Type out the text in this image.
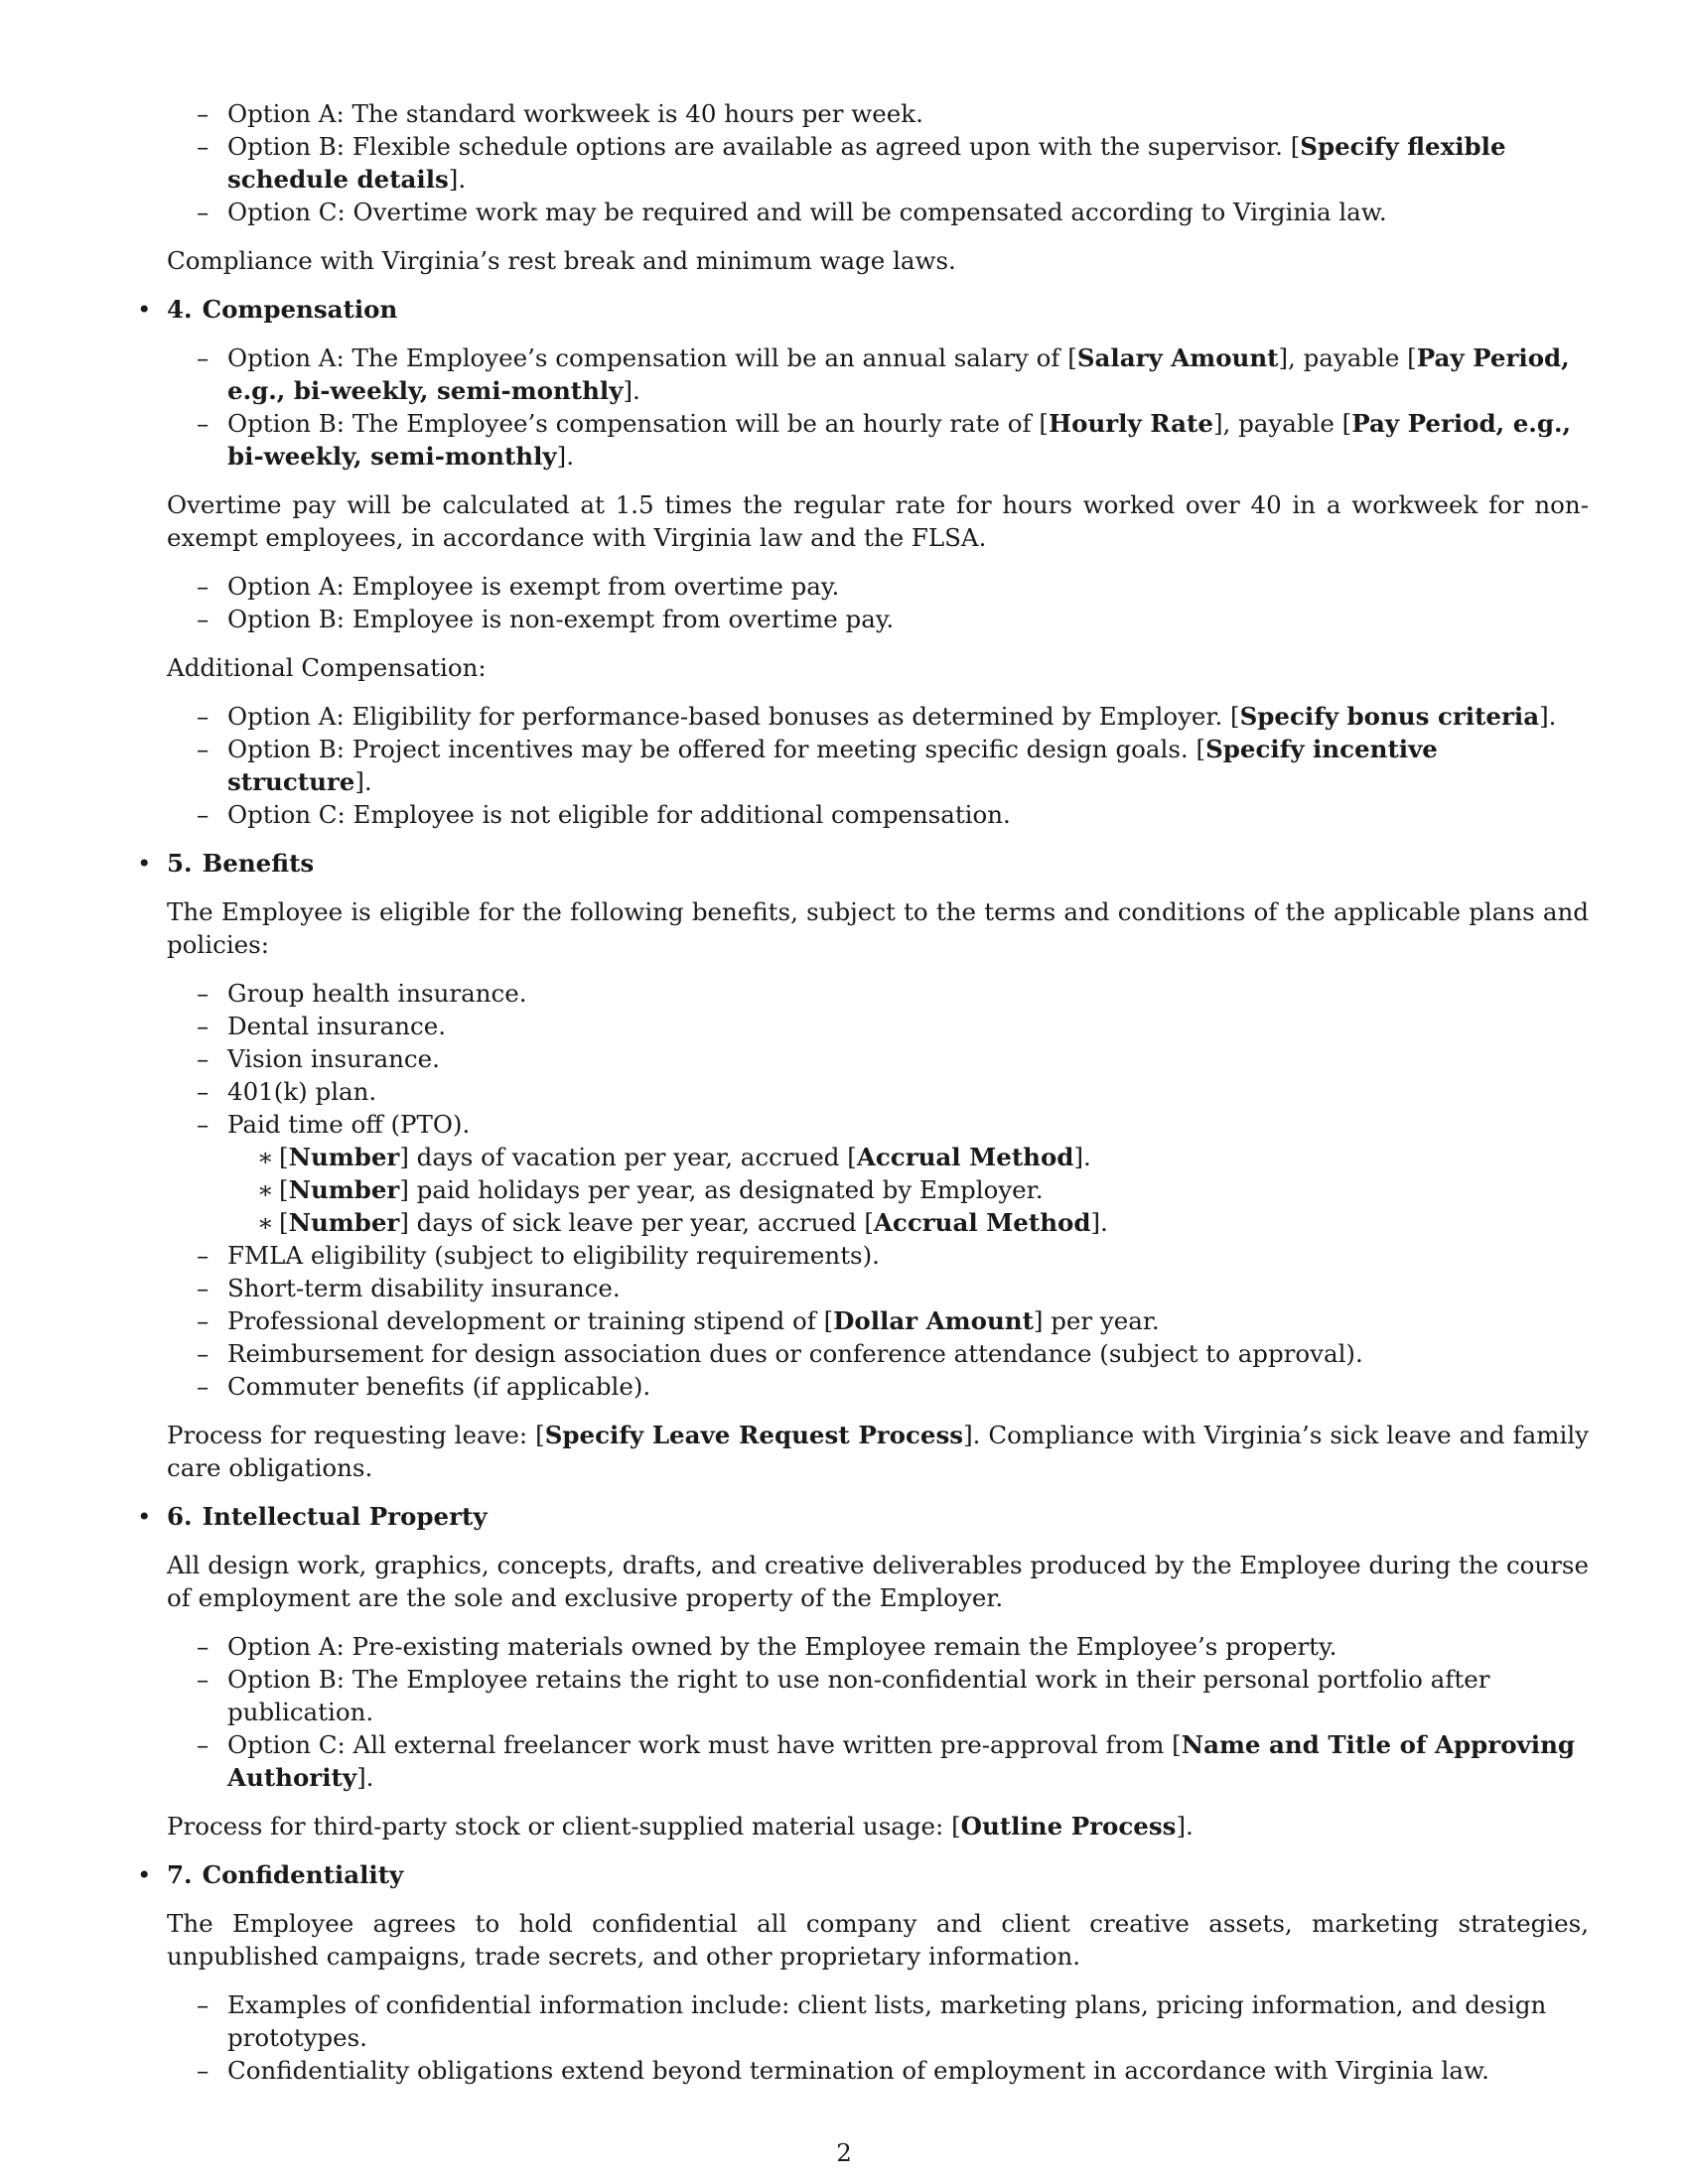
– Option A: The standard workweek is 40 hours per week.
– Option B: Flexible schedule options are available as agreed upon with the supervisor. [Specify flexible schedule details].
– Option C: Overtime work may be required and will be compensated according to Virginia law.

Compliance with Virginia’s rest break and minimum wage laws.

• 4. Compensation
– Option A: The Employee’s compensation will be an annual salary of [Salary Amount], payable [Pay Period, e.g., bi-weekly, semi-monthly].
– Option B: The Employee’s compensation will be an hourly rate of [Hourly Rate], payable [Pay Period, e.g., bi-weekly, semi-monthly].

Overtime pay will be calculated at 1.5 times the regular rate for hours worked over 40 in a workweek for non-exempt employees, in accordance with Virginia law and the FLSA.

– Option A: Employee is exempt from overtime pay.
– Option B: Employee is non-exempt from overtime pay.

Additional Compensation:

– Option A: Eligibility for performance-based bonuses as determined by Employer. [Specify bonus criteria].
– Option B: Project incentives may be offered for meeting specific design goals. [Specify incentive structure].
– Option C: Employee is not eligible for additional compensation.
• 5. Benefits

The Employee is eligible for the following benefits, subject to the terms and conditions of the applicable plans and policies:

– Group health insurance.
– Dental insurance.
– Vision insurance.
– 401(k) plan.
– Paid time off (PTO).
∗ [Number] days of vacation per year, accrued [Accrual Method].
∗ [Number] paid holidays per year, as designated by Employer.
∗ [Number] days of sick leave per year, accrued [Accrual Method].
– FMLA eligibility (subject to eligibility requirements).
– Short-term disability insurance.
– Professional development or training stipend of [Dollar Amount] per year.
– Reimbursement for design association dues or conference attendance (subject to approval).
– Commuter benefits (if applicable).

Process for requesting leave: [Specify Leave Request Process]. Compliance with Virginia’s sick leave and family care obligations.

• 6. Intellectual Property

All design work, graphics, concepts, drafts, and creative deliverables produced by the Employee during the course of employment are the sole and exclusive property of the Employer.

– Option A: Pre-existing materials owned by the Employee remain the Employee’s property.
– Option B: The Employee retains the right to use non-confidential work in their personal portfolio after publication.
– Option C: All external freelancer work must have written pre-approval from [Name and Title of Approving Authority].

Process for third-party stock or client-supplied material usage: [Outline Process].

• 7. Confidentiality

The Employee agrees to hold confidential all company and client creative assets, marketing strategies, unpublished campaigns, trade secrets, and other proprietary information.

– Examples of confidential information include: client lists, marketing plans, pricing information, and design prototypes.
– Confidentiality obligations extend beyond termination of employment in accordance with Virginia law.
2
